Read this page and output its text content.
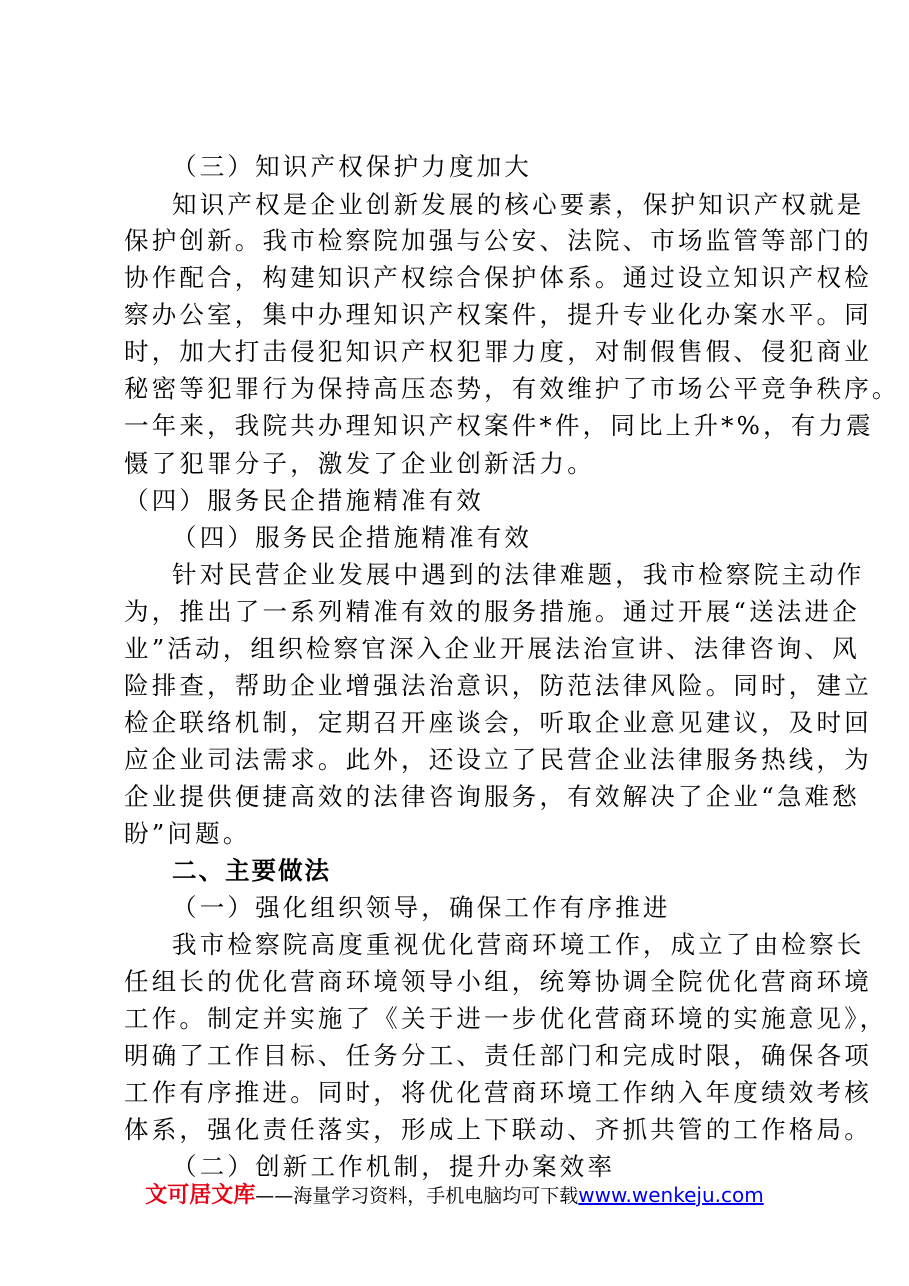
（三）知识产权保护力度加大
知识产权是企业创新发展的核心要素，保护知识产权就是
保护创新。我市检察院加强与公安、法院、市场监管等部门的
协作配合，构建知识产权综合保护体系。通过设立知识产权检
察办公室，集中办理知识产权案件，提升专业化办案水平。同
时，加大打击侵犯知识产权犯罪力度，对制假售假、侵犯商业
秘密等犯罪行为保持高压态势，有效维护了市场公平竞争秩序。
一年来，我院共办理知识产权案件*件，同比上升*%，有力震
慑了犯罪分子，激发了企业创新活力。
（四）服务民企措施精准有效
（四）服务民企措施精准有效
针对民营企业发展中遇到的法律难题，我市检察院主动作
为，推出了一系列精准有效的服务措施。通过开展“送法进企
业”活动，组织检察官深入企业开展法治宣讲、法律咨询、风
险排查，帮助企业增强法治意识，防范法律风险。同时，建立
检企联络机制，定期召开座谈会，听取企业意见建议，及时回
应企业司法需求。此外，还设立了民营企业法律服务热线，为
企业提供便捷高效的法律咨询服务，有效解决了企业“急难愁
盼”问题。
二、主要做法
（一）强化组织领导，确保工作有序推进
我市检察院高度重视优化营商环境工作，成立了由检察长
任组长的优化营商环境领导小组，统筹协调全院优化营商环境
工作。制定并实施了《关于进一步优化营商环境的实施意见》，
明确了工作目标、任务分工、责任部门和完成时限，确保各项
工作有序推进。同时，将优化营商环境工作纳入年度绩效考核
体系，强化责任落实，形成上下联动、齐抓共管的工作格局。
（二）创新工作机制，提升办案效率
文可居文库——海量学习资料，手机电脑均可下载www.wenkeju.com
